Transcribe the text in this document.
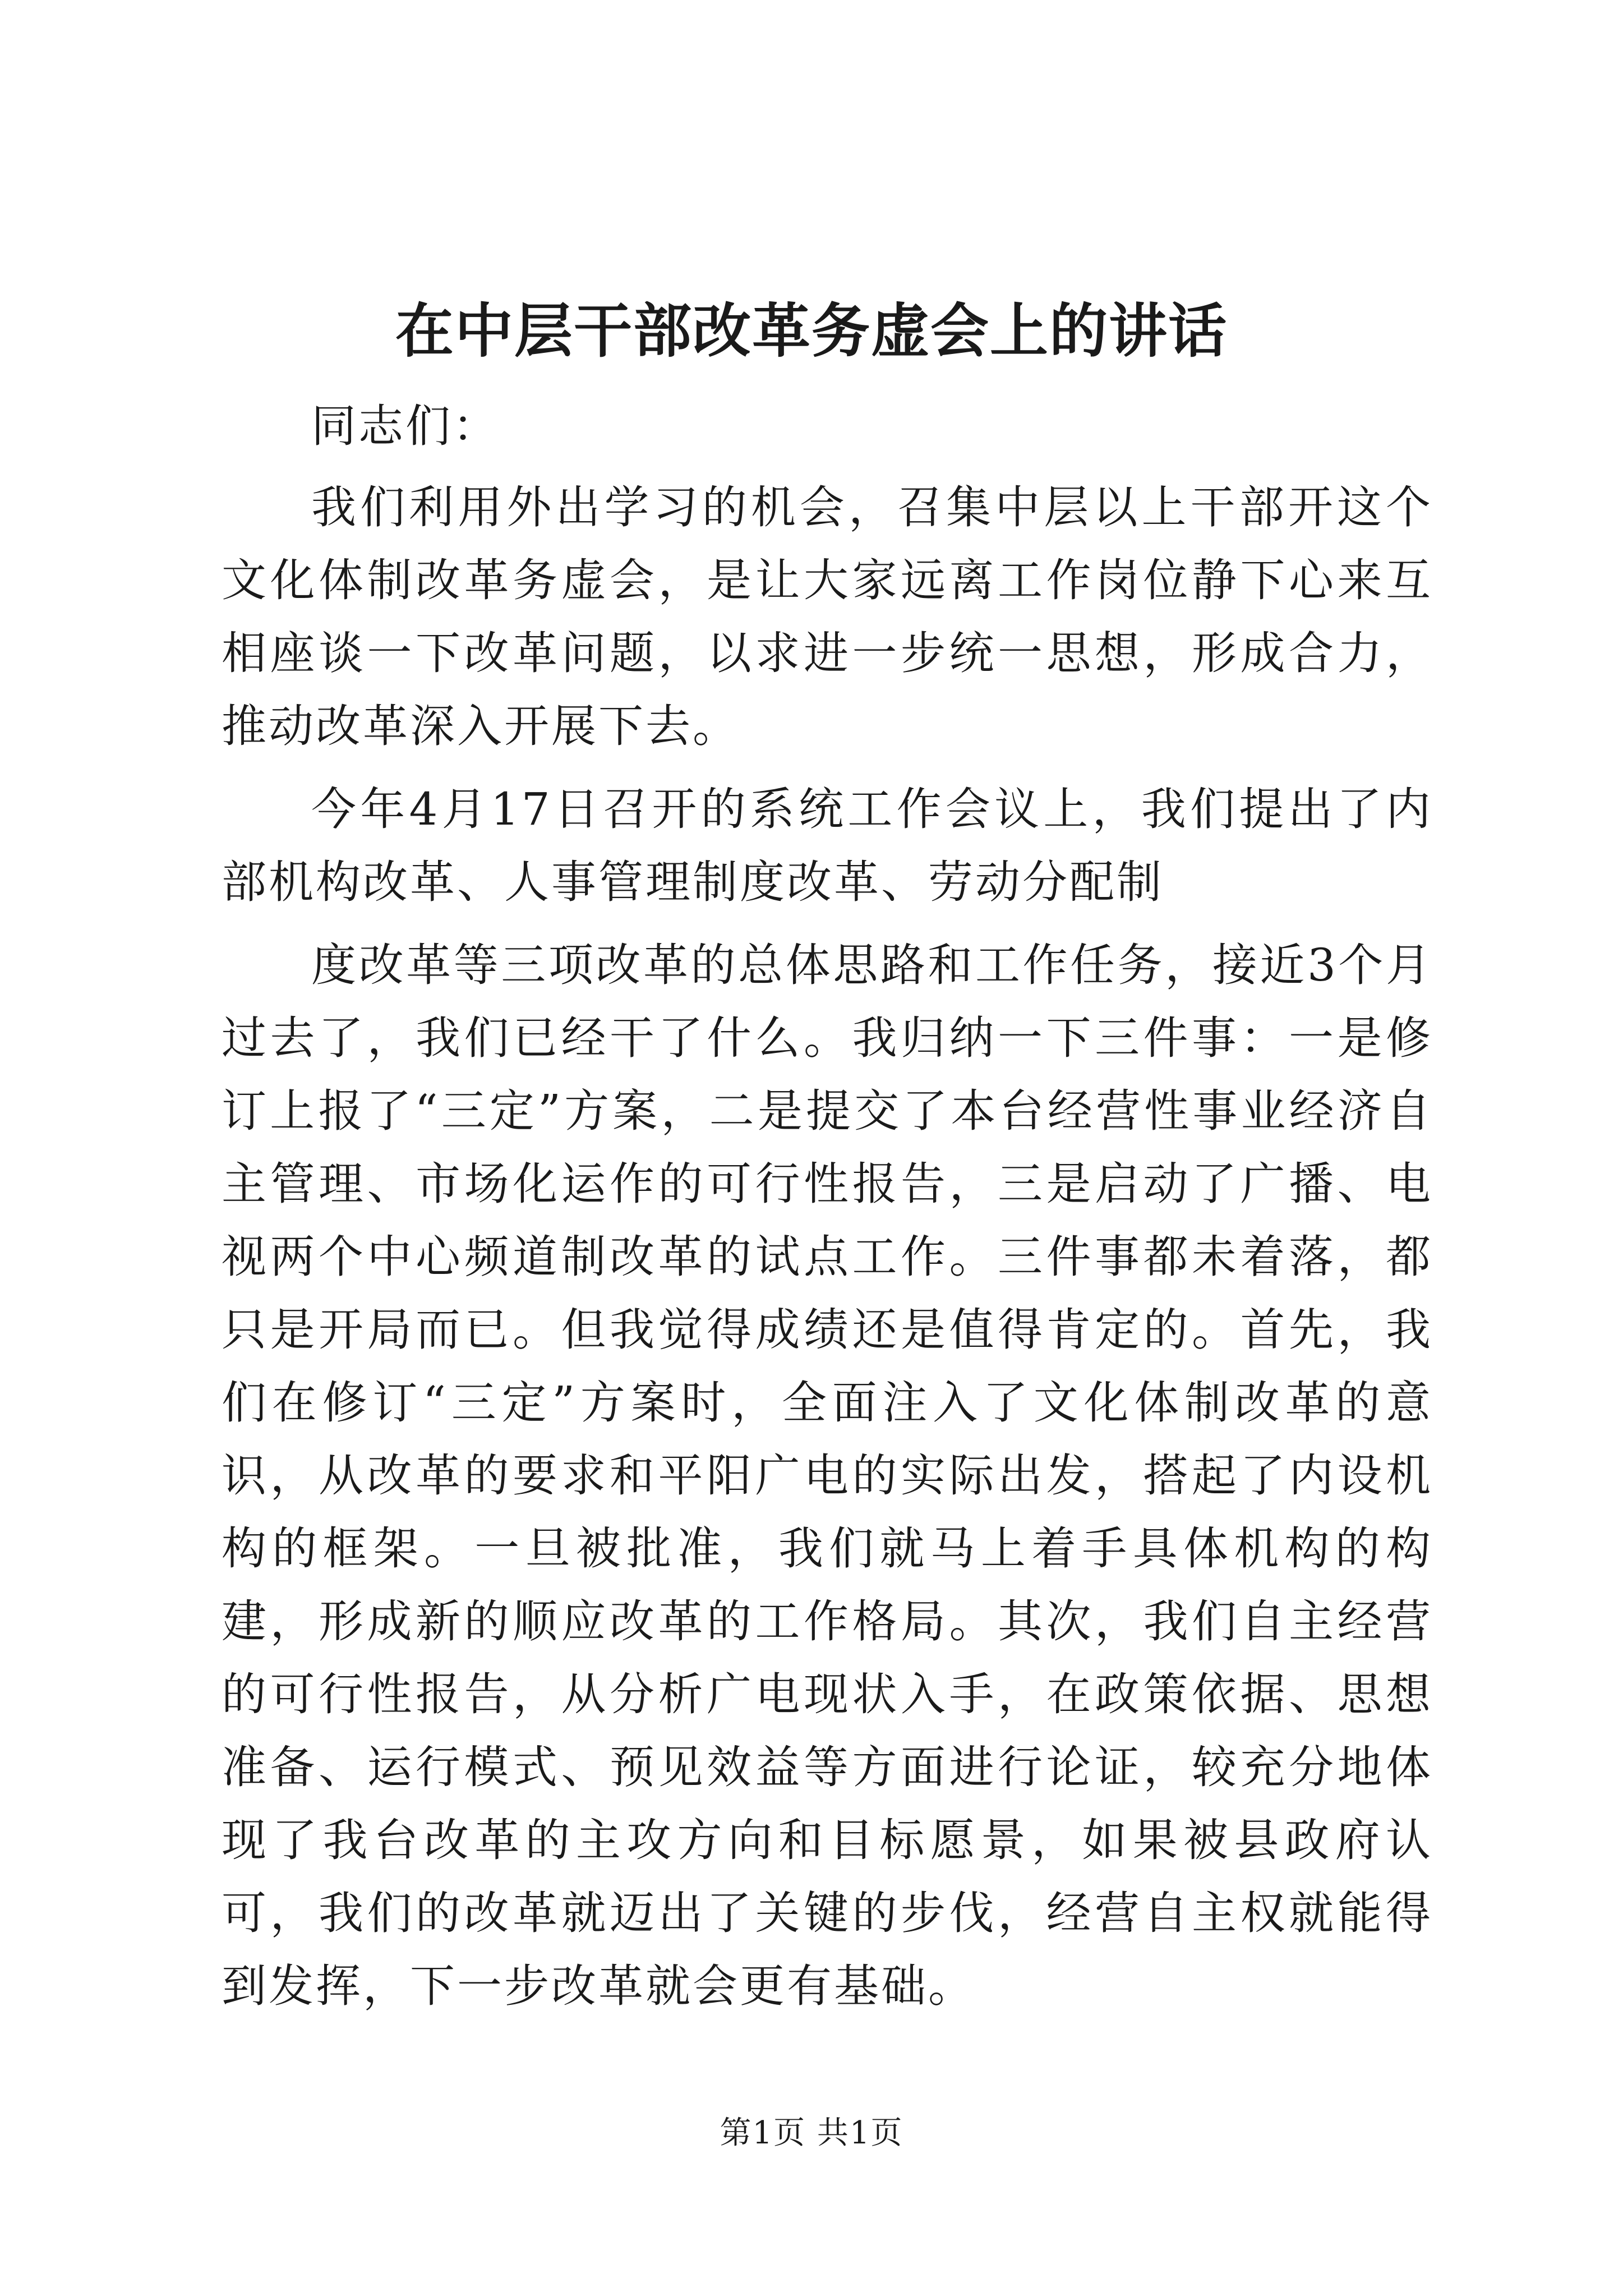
在中层干部改革务虚会上的讲话

同志们：

我们利用外出学习的机会，召集中层以上干部开这个文化体制改革务虚会，是让大家远离工作岗位静下心来互相座谈一下改革问题，以求进一步统一思想，形成合力，推动改革深入开展下去。

今年4月17日召开的系统工作会议上，我们提出了内部机构改革、人事管理制度改革、劳动分配制

度改革等三项改革的总体思路和工作任务，接近3个月过去了，我们已经干了什么。我归纳一下三件事：一是修订上报了“三定”方案，二是提交了本台经营性事业经济自主管理、市场化运作的可行性报告，三是启动了广播、电视两个中心频道制改革的试点工作。三件事都未着落，都只是开局而已。但我觉得成绩还是值得肯定的。首先，我们在修订“三定”方案时，全面注入了文化体制改革的意识，从改革的要求和平阳广电的实际出发，搭起了内设机构的框架。一旦被批准，我们就马上着手具体机构的构建，形成新的顺应改革的工作格局。其次，我们自主经营的可行性报告，从分析广电现状入手，在政策依据、思想准备、运行模式、预见效益等方面进行论证，较充分地体现了我台改革的主攻方向和目标愿景，如果被县政府认可，我们的改革就迈出了关键的步伐，经营自主权就能得到发挥，下一步改革就会更有基础。

第1页 共1页
